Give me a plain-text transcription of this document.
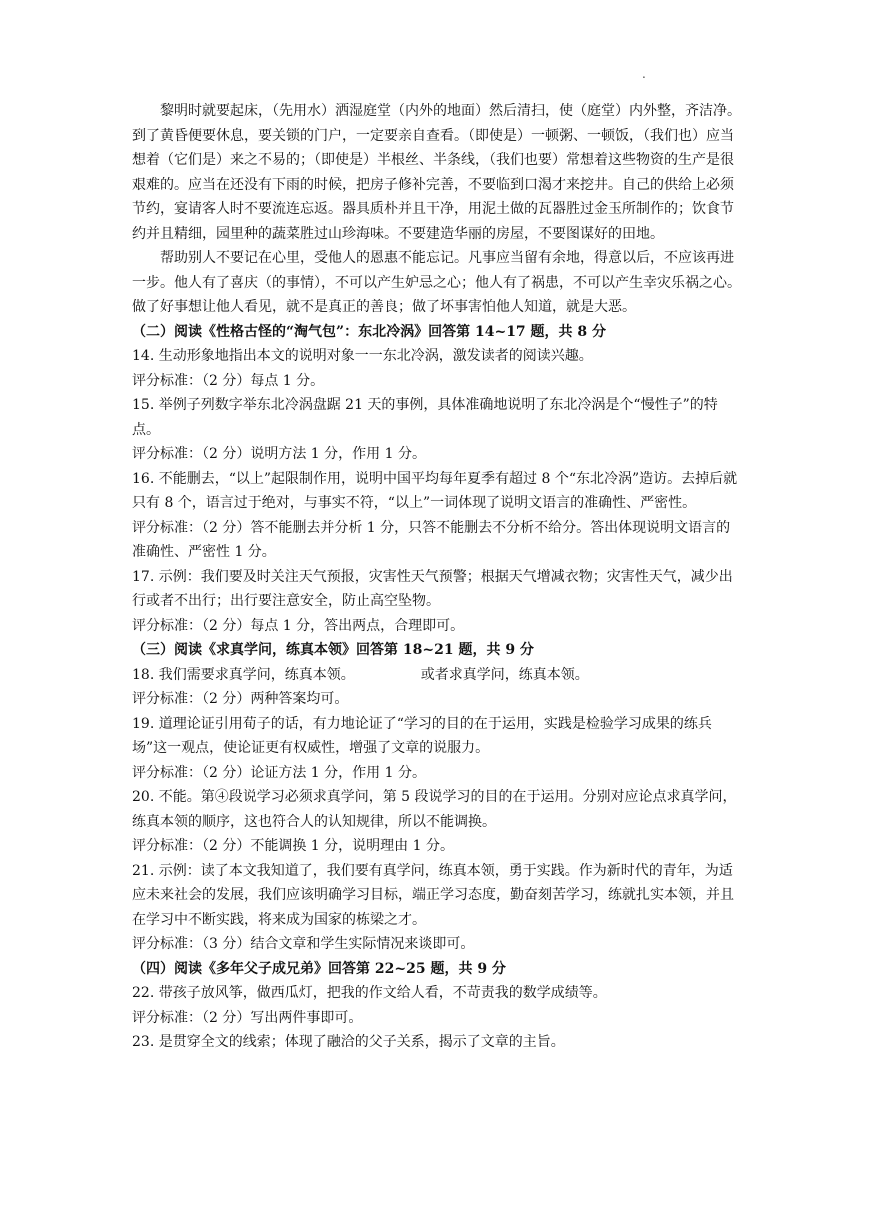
.

黎明时就要起床，（先用水）洒湿庭堂（内外的地面）然后清扫，使（庭堂）内外整，齐洁净。到了黄昏便要休息，要关锁的门户，一定要亲自查看。（即使是）一顿粥、一顿饭，（我们也）应当想着（它们是）来之不易的；（即使是）半根丝、半条线，（我们也要）常想着这些物资的生产是很艰难的。应当在还没有下雨的时候，把房子修补完善，不要临到口渴才来挖井。自己的供给上必须节约，宴请客人时不要流连忘返。器具质朴并且干净，用泥土做的瓦器胜过金玉所制作的；饮食节约并且精细，园里种的蔬菜胜过山珍海味。不要建造华丽的房屋，不要图谋好的田地。

帮助别人不要记在心里，受他人的恩惠不能忘记。凡事应当留有余地，得意以后，不应该再进一步。他人有了喜庆（的事情），不可以产生妒忌之心；他人有了祸患，不可以产生幸灾乐祸之心。做了好事想让他人看见，就不是真正的善良；做了坏事害怕他人知道，就是大恶。

（二）阅读《性格古怪的“淘气包”：东北冷涡》回答第 14~17 题，共 8 分

14. 生动形象地指出本文的说明对象一一东北冷涡，激发读者的阅读兴趣。

评分标准：（2 分）每点 1 分。

15. 举例子列数字举东北冷涡盘踞 21 天的事例，具体准确地说明了东北冷涡是个“慢性子”的特点。

评分标准：（2 分）说明方法 1 分，作用 1 分。

16. 不能删去，“以上”起限制作用，说明中国平均每年夏季有超过 8 个“东北冷涡”造访。去掉后就只有 8 个，语言过于绝对，与事实不符，“以上”一词体现了说明文语言的准确性、严密性。

评分标准：（2 分）答不能删去并分析 1 分，只答不能删去不分析不给分。答出体现说明文语言的准确性、严密性 1 分。

17. 示例：我们要及时关注天气预报，灾害性天气预警；根据天气增减衣物；灾害性天气，减少出行或者不出行；出行要注意安全，防止高空坠物。

评分标准：（2 分）每点 1 分，答出两点，合理即可。

（三）阅读《求真学问，练真本领》回答第 18~21 题，共 9 分

18. 我们需要求真学问，练真本领。	或者求真学问，练真本领。

评分标准：（2 分）两种答案均可。

19. 道理论证引用荀子的话，有力地论证了“学习的目的在于运用，实践是检验学习成果的练兵场”这一观点，使论证更有权威性，增强了文章的说服力。

评分标准：（2 分）论证方法 1 分，作用 1 分。

20. 不能。第④段说学习必须求真学问，第 5 段说学习的目的在于运用。分别对应论点求真学问，练真本领的顺序，这也符合人的认知规律，所以不能调换。

评分标准：（2 分）不能调换 1 分，说明理由 1 分。

21. 示例：读了本文我知道了，我们要有真学问，练真本领，勇于实践。作为新时代的青年，为适应未来社会的发展，我们应该明确学习目标，端正学习态度，勤奋刻苦学习，练就扎实本领，并且在学习中不断实践，将来成为国家的栋梁之才。

评分标准：（3 分）结合文章和学生实际情况来谈即可。

（四）阅读《多年父子成兄弟》回答第 22~25 题，共 9 分

22. 带孩子放风筝，做西瓜灯，把我的作文给人看，不苛责我的数学成绩等。

评分标准：（2 分）写出两件事即可。

23. 是贯穿全文的线索；体现了融洽的父子关系，揭示了文章的主旨。
